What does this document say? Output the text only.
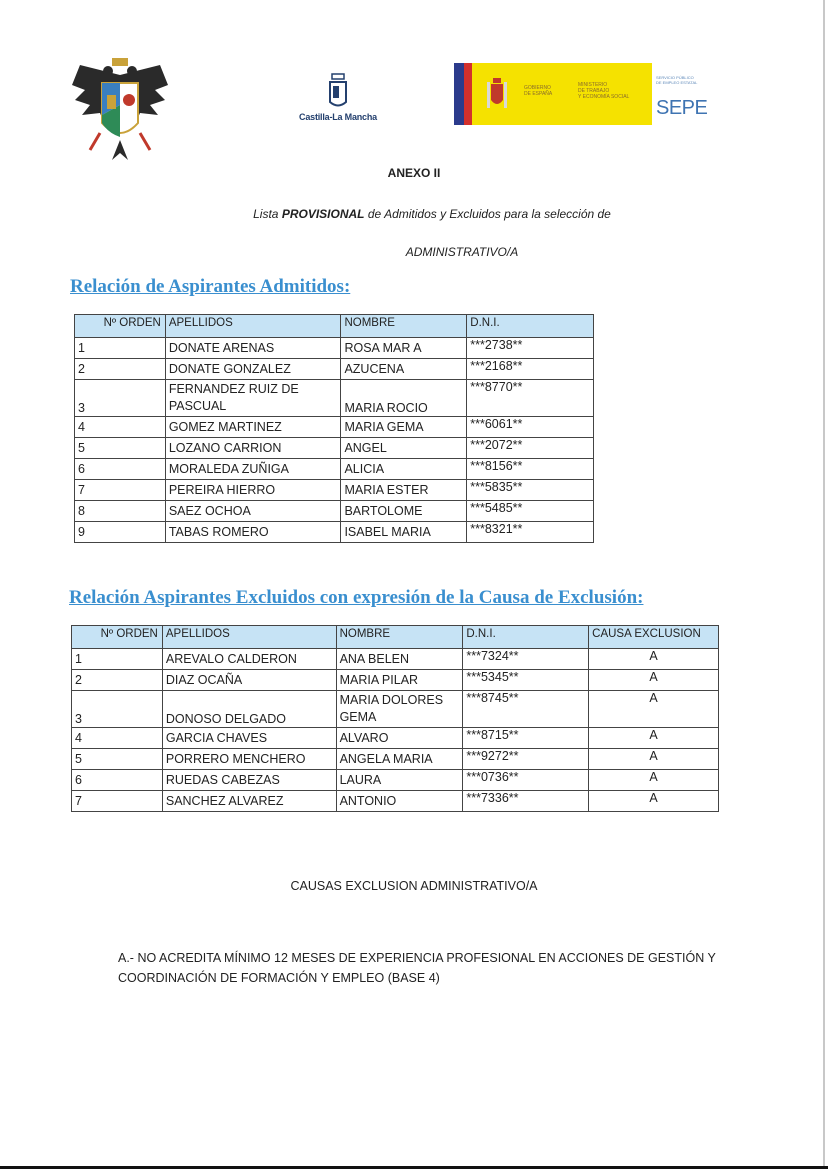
Castilla-La Mancha
GOBIERNO
DE ESPAÑA
MINISTERIO
DE TRABAJO
Y ECONOMÍA SOCIAL
SERVICIO PÚBLICO DE EMPLEO ESTATAL
SEPE
ANEXO II
Lista PROVISIONAL de Admitidos y Excluidos para la selección de
ADMINISTRATIVO/A
Relación de Aspirantes Admitidos:
Nº ORDEN	APELLIDOS	NOMBRE	D.N.I.
1	DONATE ARENAS	ROSA MAR A	***2738**
2	DONATE GONZALEZ	AZUCENA	***2168**
3	FERNANDEZ RUIZ DE
PASCUAL	MARIA ROCIO	***8770**
4	GOMEZ MARTINEZ	MARIA GEMA	***6061**
5	LOZANO CARRION	ANGEL	***2072**
6	MORALEDA ZUÑIGA	ALICIA	***8156**
7	PEREIRA HIERRO	MARIA ESTER	***5835**
8	SAEZ OCHOA	BARTOLOME	***5485**
9	TABAS ROMERO	ISABEL MARIA	***8321**
Relación Aspirantes Excluidos con expresión de la Causa de Exclusión:
Nº ORDEN	APELLIDOS	NOMBRE	D.N.I.	CAUSA EXCLUSION
1	AREVALO CALDERON	ANA BELEN	***7324**	A
2	DIAZ OCAÑA	MARIA PILAR	***5345**	A
3	DONOSO DELGADO	MARIA DOLORES
GEMA	***8745**	A
4	GARCIA CHAVES	ALVARO	***8715**	A
5	PORRERO MENCHERO	ANGELA MARIA	***9272**	A
6	RUEDAS CABEZAS	LAURA	***0736**	A
7	SANCHEZ ALVAREZ	ANTONIO	***7336**	A
CAUSAS EXCLUSION ADMINISTRATIVO/A
A.- NO ACREDITA MÍNIMO 12 MESES DE EXPERIENCIA PROFESIONAL EN ACCIONES DE GESTIÓN Y COORDINACIÓN DE FORMACIÓN Y EMPLEO (BASE 4)
